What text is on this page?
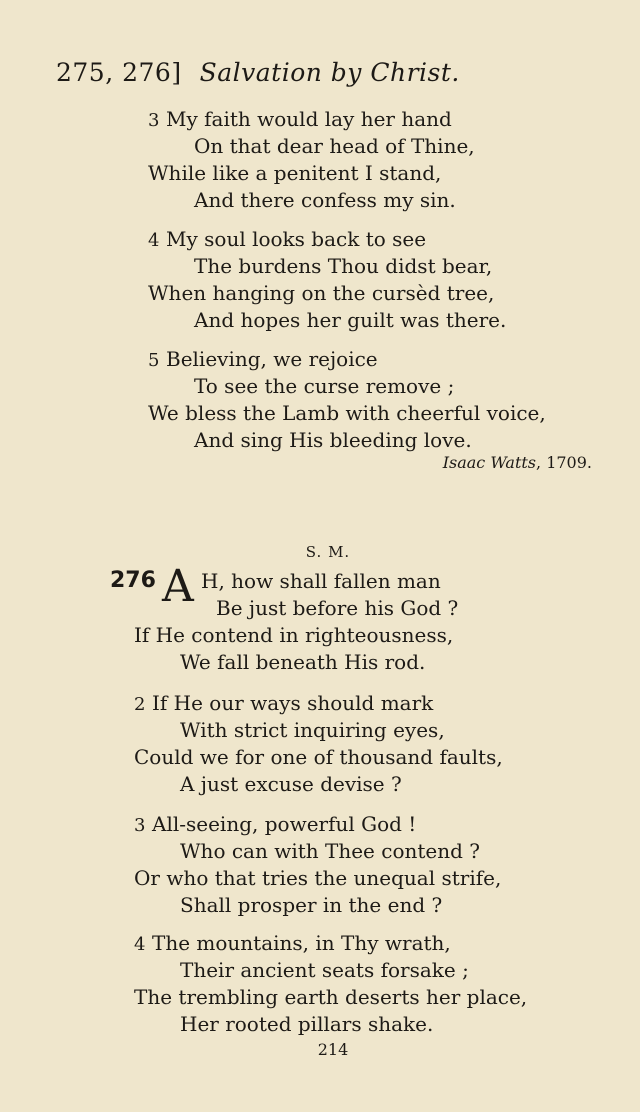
275, 276] Salvation by Christ.
3 My faith would lay her hand
On that dear head of Thine,
While like a penitent I stand,
And there confess my sin.
4 My soul looks back to see
The burdens Thou didst bear,
When hanging on the cursèd tree,
And hopes her guilt was there.
5 Believing, we rejoice
To see the curse remove ;
We bless the Lamb with cheerful voice,
And sing His bleeding love.
Isaac Watts, 1709.
S. M.
276 A H, how shall fallen man
Be just before his God ?
If He contend in righteousness,
We fall beneath His rod.
2 If He our ways should mark
With strict inquiring eyes,
Could we for one of thousand faults,
A just excuse devise ?
3 All-seeing, powerful God !
Who can with Thee contend ?
Or who that tries the unequal strife,
Shall prosper in the end ?
4 The mountains, in Thy wrath,
Their ancient seats forsake ;
The trembling earth deserts her place,
Her rooted pillars shake.
214
